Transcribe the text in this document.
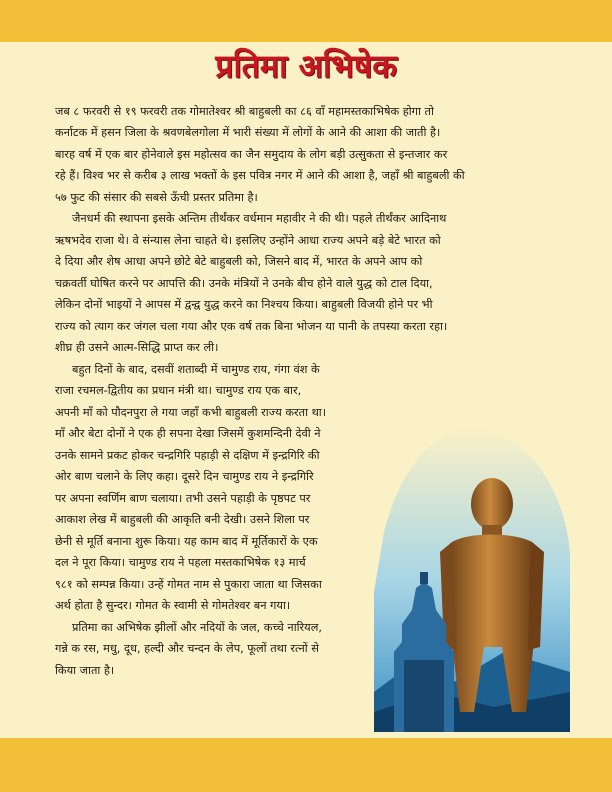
प्रतिमा अभिषेक
जब ८ फरवरी से १९ फरवरी तक गोमातेश्वर श्री बाहुबली का ८६ वाँ महामस्तकाभिषेक होगा तो
कर्नाटक में हसन जिला के श्रवणबेलगोला में भारी संख्या में लोगों के आने की आशा की जाती है।
बारह वर्ष में एक बार होनेवाले इस महोत्सव का जैन समुदाय के लोग बड़ी उत्सुकता से इन्तजार कर
रहे हैं। विश्व भर से करीब ३ लाख भक्तों के इस पवित्र नगर में आने की आशा है, जहाँ श्री बाहुबली की
५७ फुट की संसार की सबसे ऊँची प्रस्तर प्रतिमा है।
जैनधर्म की स्थापना इसके अन्तिम तीर्थंकर वर्धमान महावीर ने की थी। पहले तीर्थंकर आदिनाथ
ऋषभदेव राजा थे। वे संन्यास लेना चाहते थे। इसलिए उन्होंने आधा राज्य अपने बड़े बेटे भारत को
दे दिया और शेष आधा अपने छोटे बेटे बाहुबली को, जिसने बाद में, भारत के अपने आप को
चक्रवर्ती घोषित करने पर आपत्ति की। उनके मंत्रियों ने उनके बीच होने वाले युद्ध को टाल दिया,
लेकिन दोनों भाइयों ने आपस में द्वन्द्व युद्ध करने का निश्चय किया। बाहुबली विजयी होने पर भी
राज्य को त्याग कर जंगल चला गया और एक वर्ष तक बिना भोजन या पानी के तपस्या करता रहा।
शीघ्र ही उसने आत्म-सिद्धि प्राप्त कर ली।
बहुत दिनों के बाद, दसवीं शताब्दी में चामुण्ड राय, गंगा वंश के
राजा रचमल-द्वितीय का प्रधान मंत्री था। चामुण्ड राय एक बार,
अपनी माँ को पौदनपुरा ले गया जहाँ कभी बाहुबली राज्य करता था।
माँ और बेटा दोनों ने एक ही सपना देखा जिसमें कुशमन्दिनी देवी ने
उनके सामने प्रकट होकर चन्द्रगिरि पहाड़ी से दक्षिण में इन्द्रगिरि की
ओर बाण चलाने के लिए कहा। दूसरे दिन चामुण्ड राय ने इन्द्रगिरि
पर अपना स्वर्णिम बाण चलाया। तभी उसने पहाड़ी के पृष्ठपट पर
आकाश लेख में बाहुबली की आकृति बनी देखी। उसने शिला पर
छेनी से मूर्ति बनाना शुरू किया। यह काम बाद में मूर्तिकारों के एक
दल ने पूरा किया। चामुण्ड राय ने पहला मस्तकाभिषेक १३ मार्च
९८१ को सम्पन्न किया। उन्हें गोमत नाम से पुकारा जाता था जिसका
अर्थ होता है सुन्दर। गोमत के स्वामी से गोमतेश्वर बन गया।
प्रतिमा का अभिषेक झीलों और नदियों के जल, कच्चे नारियल,
गन्ने क रस, मधु, दूध, हल्दी और चन्दन के लेप, फूलों तथा रत्नों से
किया जाता है।
